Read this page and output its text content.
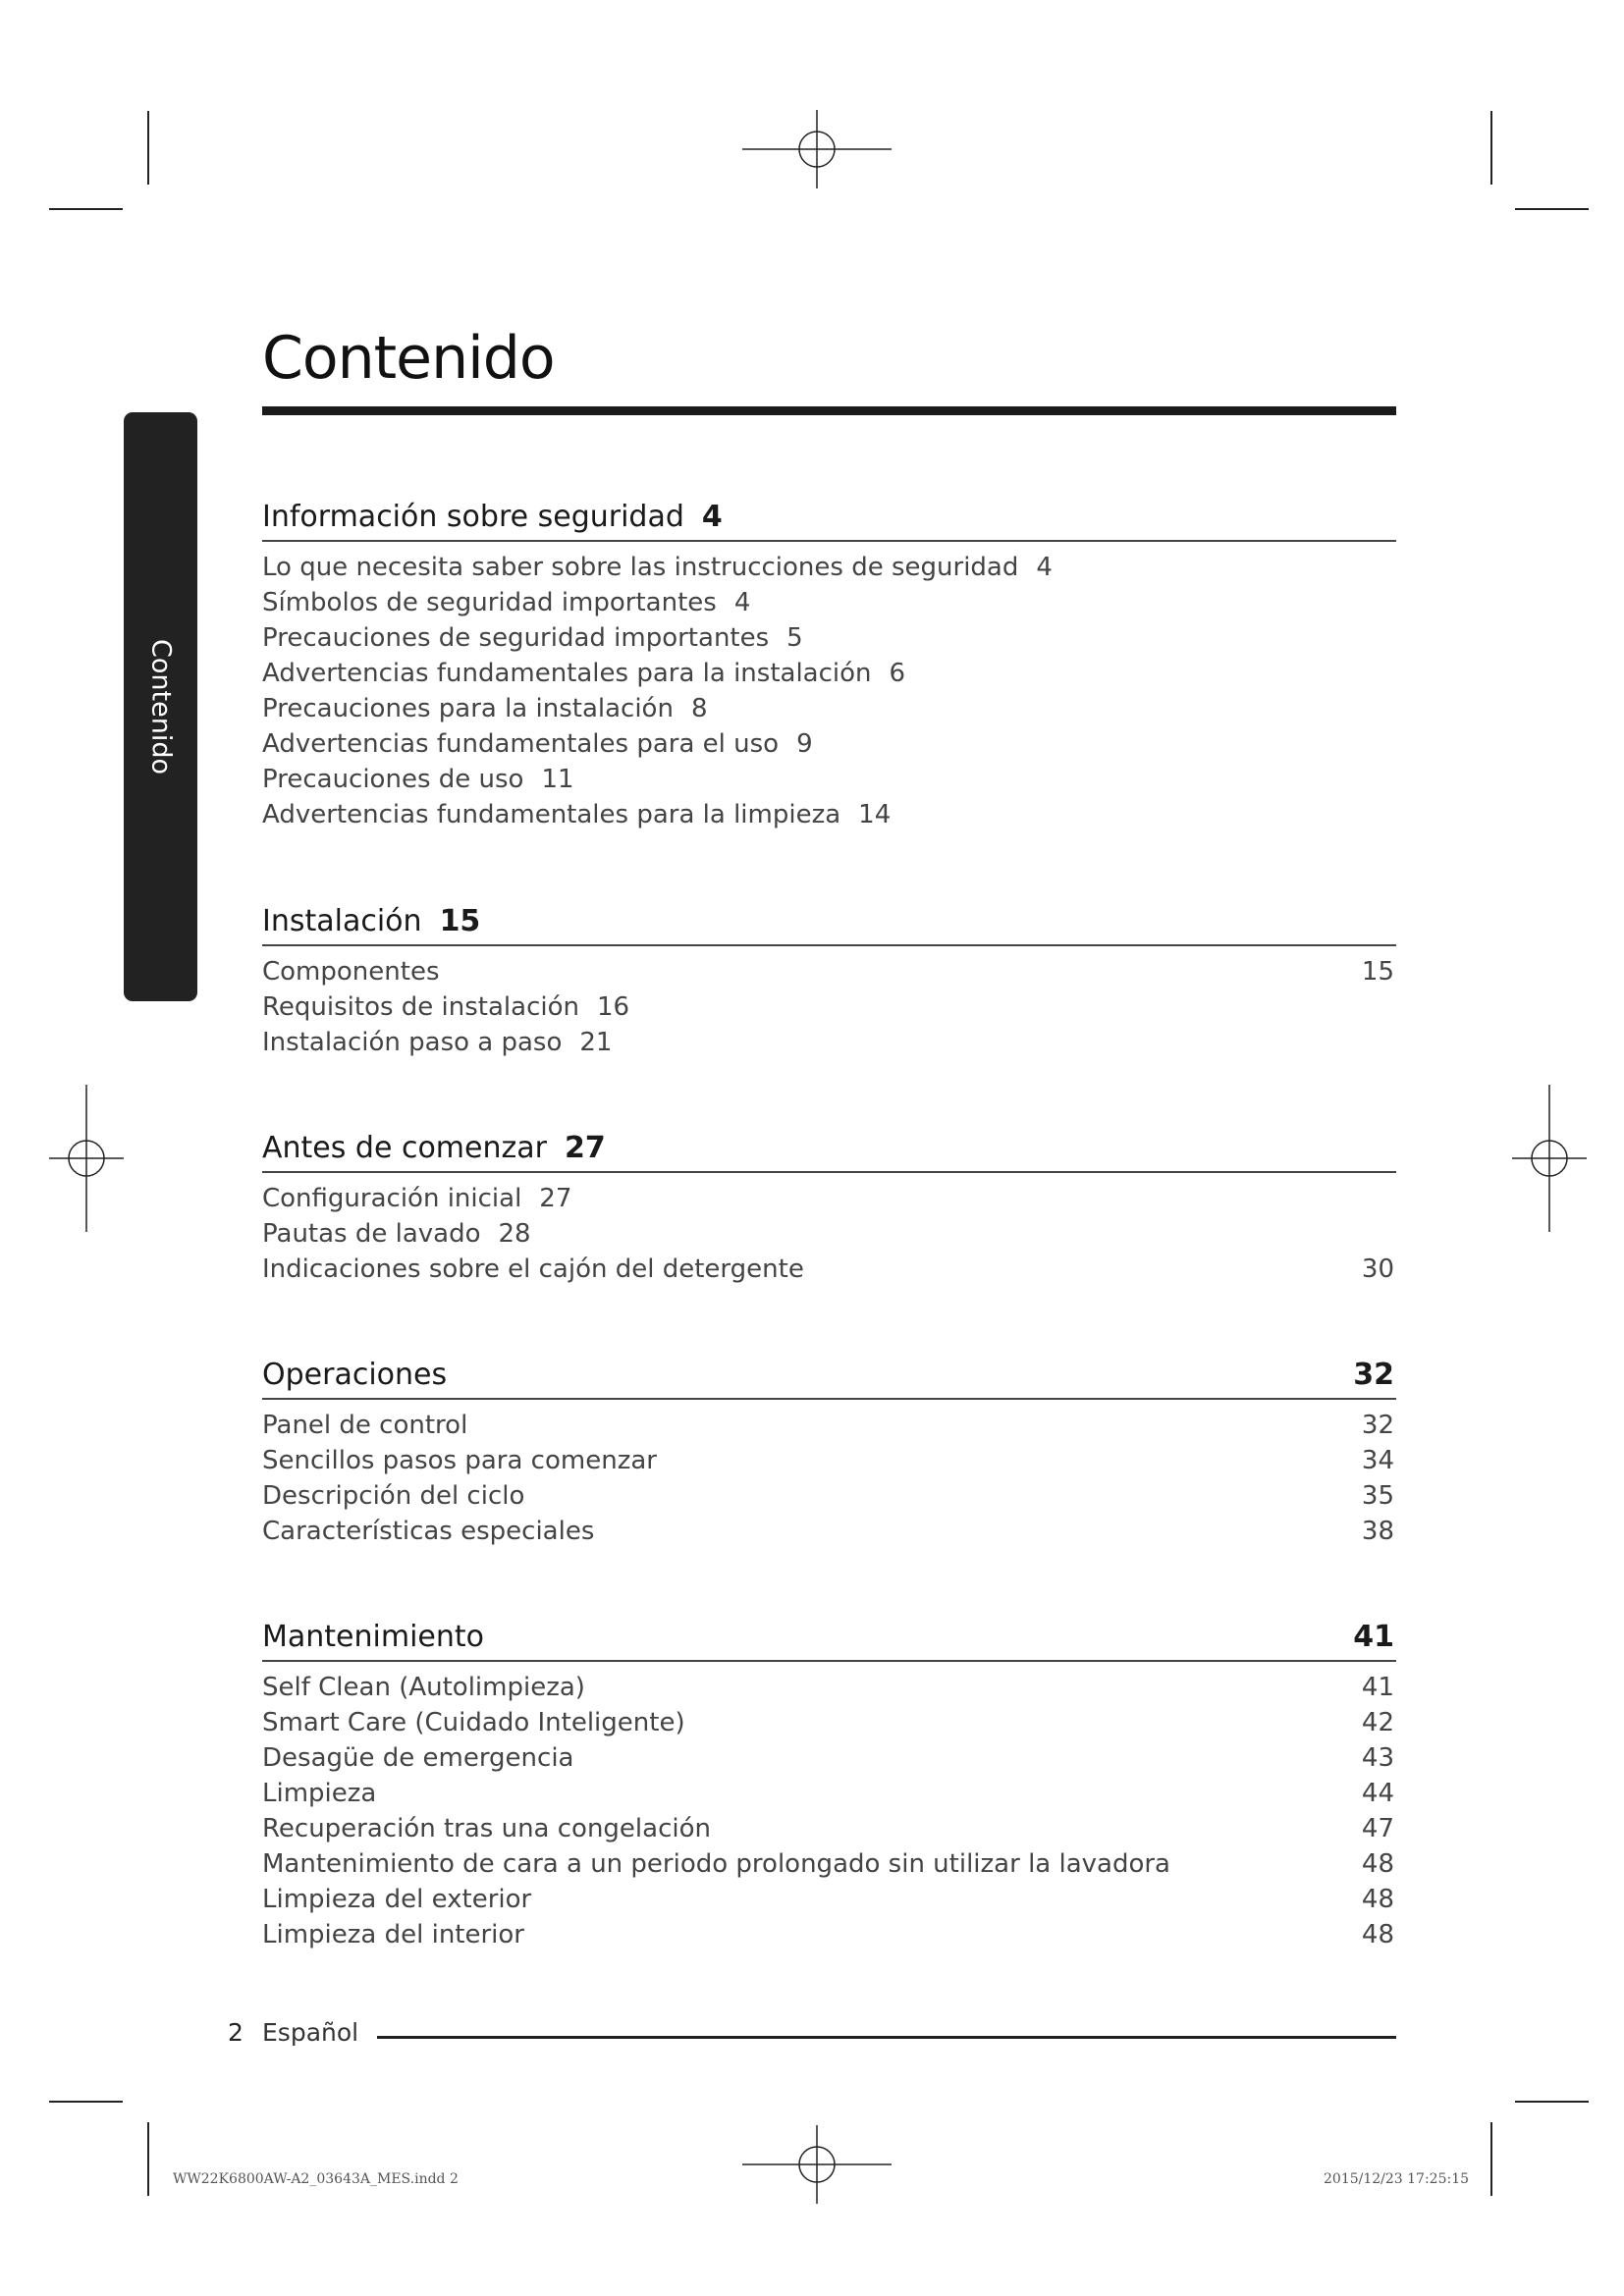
Contenido
Contenido
Información sobre seguridad 4
Lo que necesita saber sobre las instrucciones de seguridad 4
Símbolos de seguridad importantes 4
Precauciones de seguridad importantes 5
Advertencias fundamentales para la instalación 6
Precauciones para la instalación 8
Advertencias fundamentales para el uso 9
Precauciones de uso 11
Advertencias fundamentales para la limpieza 14
Instalación 15
Componentes	15
Requisitos de instalación 16
Instalación paso a paso 21
Antes de comenzar 27
Configuración inicial 27
Pautas de lavado 28
Indicaciones sobre el cajón del detergente	30
Operaciones	32
Panel de control	32
Sencillos pasos para comenzar	34
Descripción del ciclo	35
Características especiales	38
Mantenimiento	41
Self Clean (Autolimpieza)	41
Smart Care (Cuidado Inteligente)	42
Desagüe de emergencia	43
Limpieza	44
Recuperación tras una congelación	47
Mantenimiento de cara a un periodo prolongado sin utilizar la lavadora	48
Limpieza del exterior	48
Limpieza del interior	48
2 Español
WW22K6800AW-A2_03643A_MES.indd 2	2015/12/23 17:25:15
